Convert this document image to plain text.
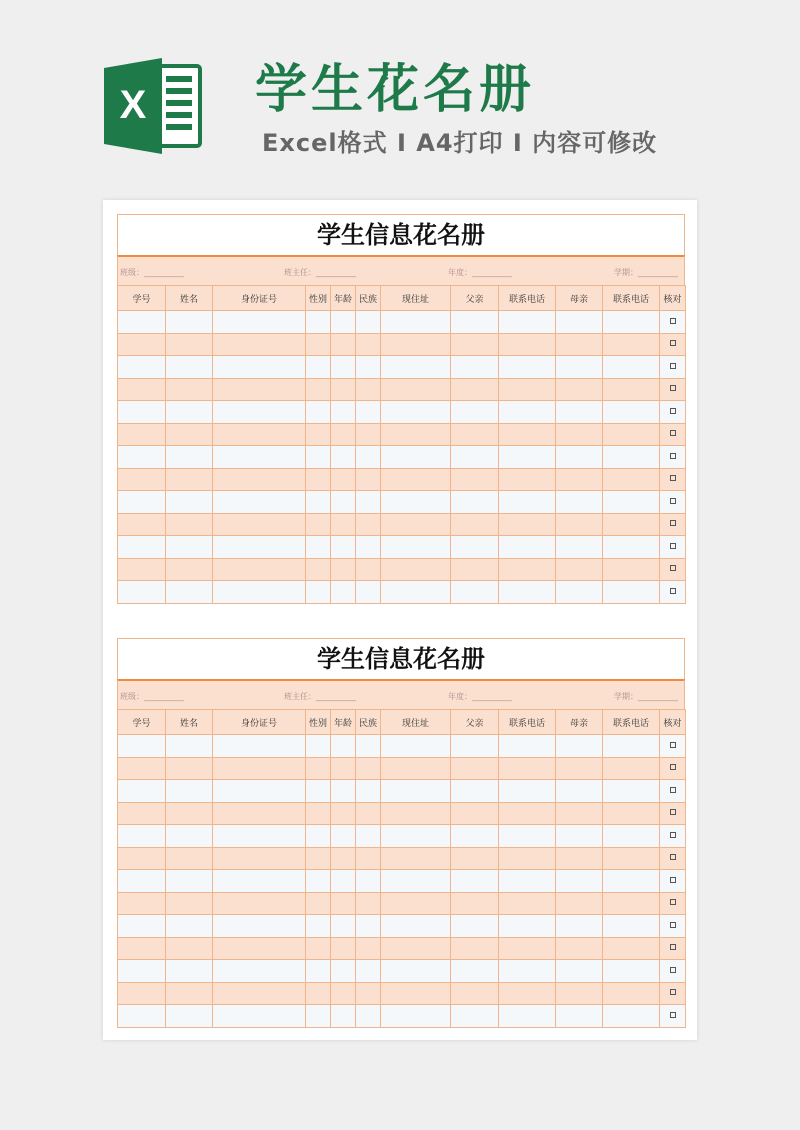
X 学生花名册
Excel格式 I A4打印 I 内容可修改
学生信息花名册
班级：__________	班主任：__________	年度：__________	学期：__________
学号	姓名	身份证号	性别	年龄	民族	现住址	父亲	联系电话	母亲	联系电话	核对

学生信息花名册
班级：__________	班主任：__________	年度：__________	学期：__________
学号	姓名	身份证号	性别	年龄	民族	现住址	父亲	联系电话	母亲	联系电话	核对
